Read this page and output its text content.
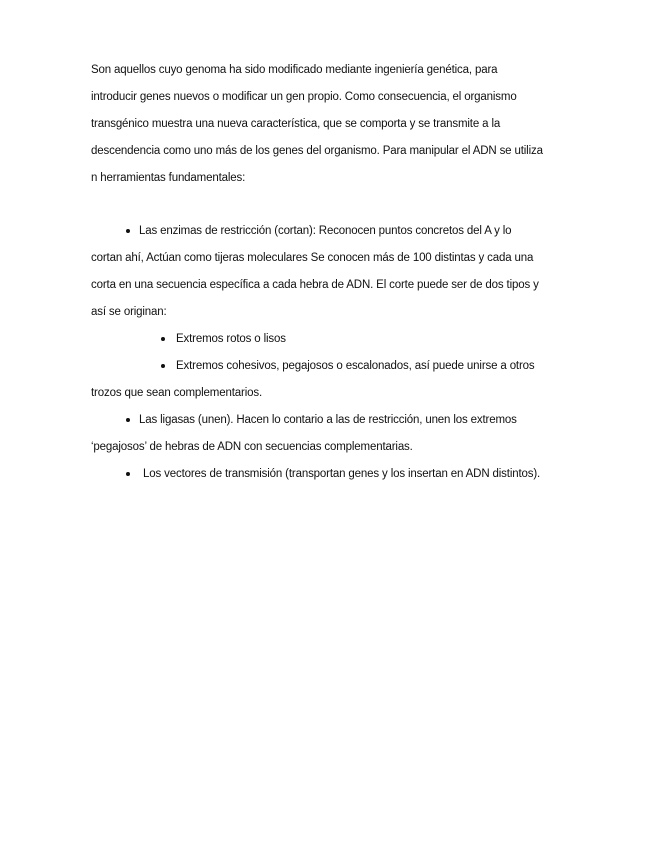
Son aquellos cuyo genoma ha sido modificado mediante ingeniería genética, para
introducir genes nuevos o modificar un gen propio. Como consecuencia, el organismo
transgénico muestra una nueva característica, que se comporta y se transmite a la
descendencia como uno más de los genes del organismo. Para manipular el ADN se utiliza
n herramientas fundamentales:
Las enzimas de restricción (cortan): Reconocen puntos concretos del A y lo
cortan ahí, Actúan como tijeras moleculares Se conocen más de 100 distintas y cada una
corta en una secuencia específica a cada hebra de ADN. El corte puede ser de dos tipos y
así se originan:
Extremos rotos o lisos
Extremos cohesivos, pegajosos o escalonados, así puede unirse a otros
trozos que sean complementarios.
Las ligasas (unen). Hacen lo contario a las de restricción, unen los extremos
‘pegajosos’ de hebras de ADN con secuencias complementarias.
Los vectores de transmisión (transportan genes y los insertan en ADN distintos).
